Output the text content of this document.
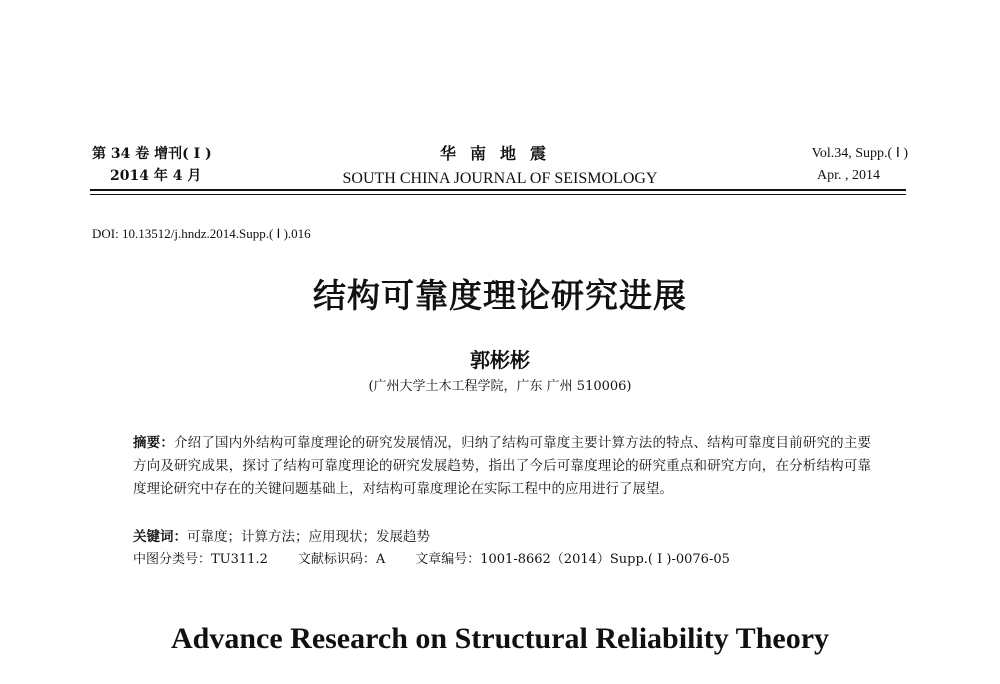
第 34 卷 增刊( Ⅰ )
2014 年 4 月
华南地震
SOUTH CHINA JOURNAL OF SEISMOLOGY
Vol.34, Supp.( Ⅰ )
Apr. , 2014
DOI: 10.13512/j.hndz.2014.Supp.( Ⅰ ).016
结构可靠度理论研究进展
郭彬彬
(广州大学土木工程学院，广东 广州 510006)
摘要：介绍了国内外结构可靠度理论的研究发展情况，归纳了结构可靠度主要计算方法的特点、结构可靠度目前研究的主要方向及研究成果，探讨了结构可靠度理论的研究发展趋势，指出了今后可靠度理论的研究重点和研究方向，在分析结构可靠度理论研究中存在的关键问题基础上，对结构可靠度理论在实际工程中的应用进行了展望。
关键词：可靠度；计算方法；应用现状；发展趋势
中图分类号：TU311.2 文献标识码：A 文章编号：1001-8662（2014）Supp.( Ⅰ )-0076-05
Advance Research on Structural Reliability Theory
